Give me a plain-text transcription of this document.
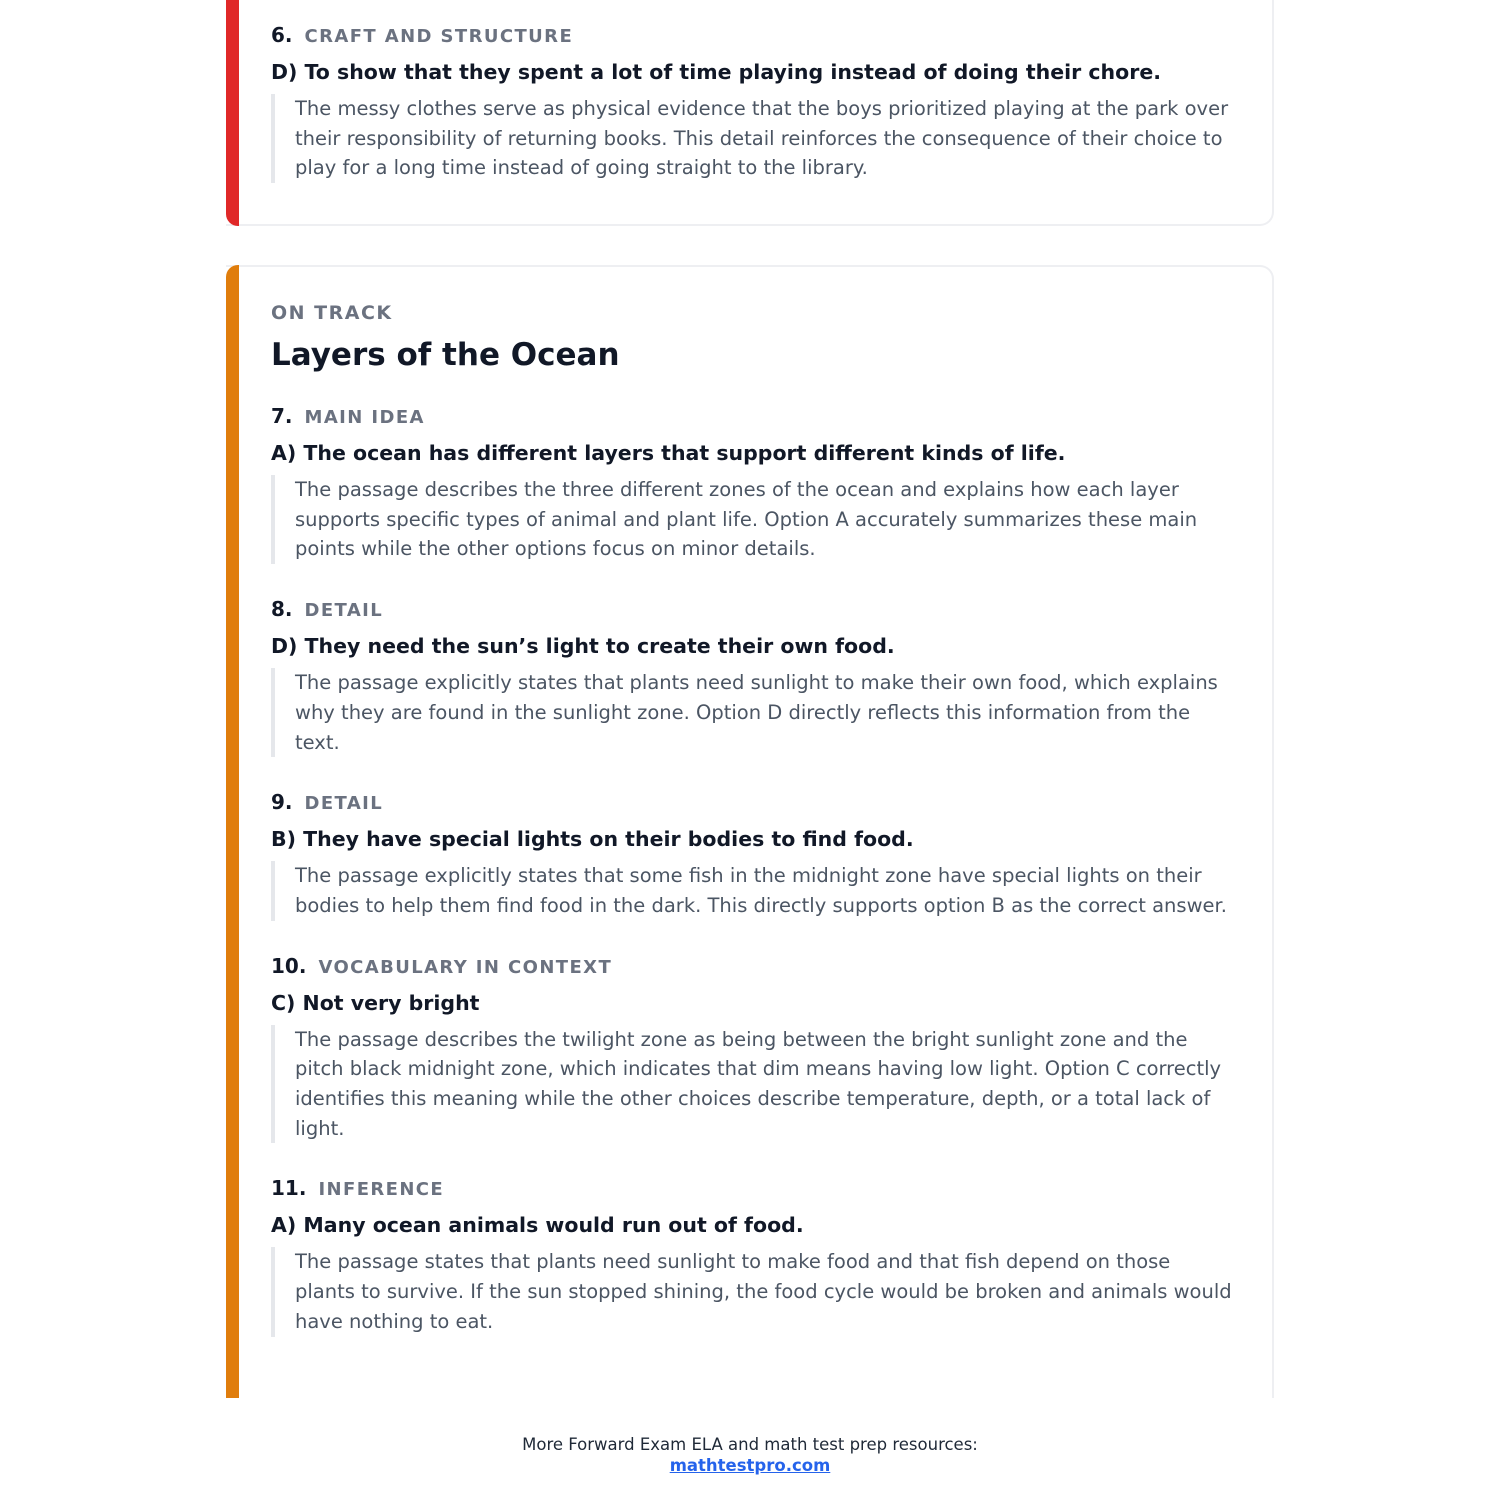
6. CRAFT AND STRUCTURE
D) To show that they spent a lot of time playing instead of doing their chore.
The messy clothes serve as physical evidence that the boys prioritized playing at the park over their responsibility of returning books. This detail reinforces the consequence of their choice to play for a long time instead of going straight to the library.
ON TRACK
Layers of the Ocean
7. MAIN IDEA
A) The ocean has different layers that support different kinds of life.
The passage describes the three different zones of the ocean and explains how each layer supports specific types of animal and plant life. Option A accurately summarizes these main points while the other options focus on minor details.
8. DETAIL
D) They need the sun’s light to create their own food.
The passage explicitly states that plants need sunlight to make their own food, which explains why they are found in the sunlight zone. Option D directly reflects this information from the text.
9. DETAIL
B) They have special lights on their bodies to find food.
The passage explicitly states that some fish in the midnight zone have special lights on their bodies to help them find food in the dark. This directly supports option B as the correct answer.
10. VOCABULARY IN CONTEXT
C) Not very bright
The passage describes the twilight zone as being between the bright sunlight zone and the pitch black midnight zone, which indicates that dim means having low light. Option C correctly identifies this meaning while the other choices describe temperature, depth, or a total lack of light.
11. INFERENCE
A) Many ocean animals would run out of food.
The passage states that plants need sunlight to make food and that fish depend on those plants to survive. If the sun stopped shining, the food cycle would be broken and animals would have nothing to eat.
More Forward Exam ELA and math test prep resources:
mathtestpro.com
